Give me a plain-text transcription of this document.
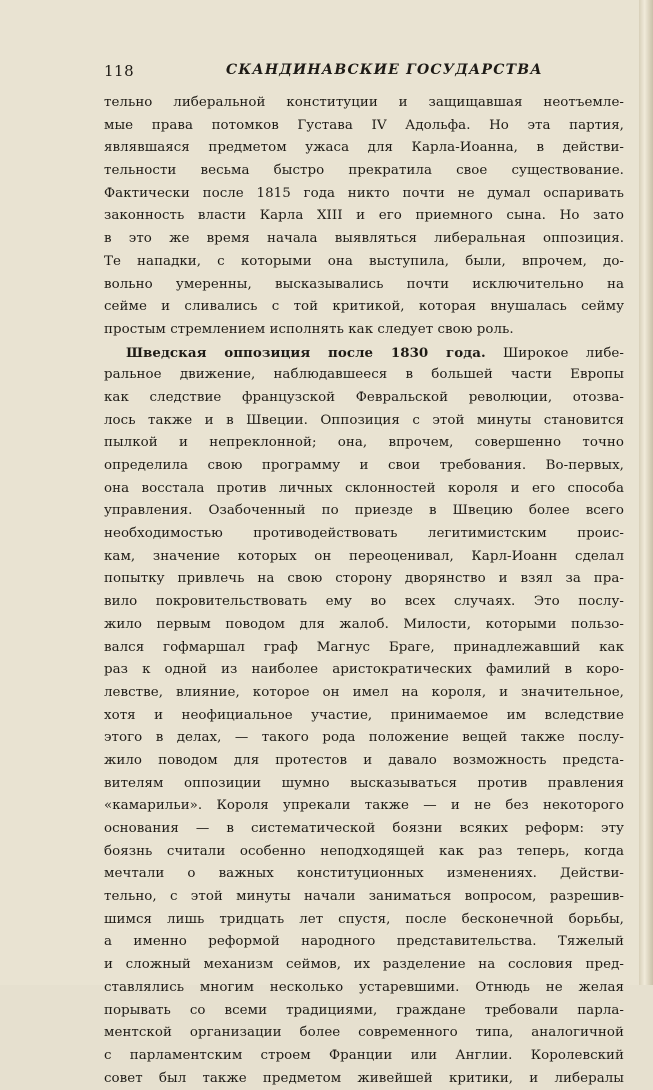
118	СКАНДИНАВСКИЕ ГОСУДАРСТВА
тельно либеральной конституции и защищавшая неотъемле-
мые права потомков Густава IV Адольфа. Но эта партия,
являвшаяся предметом ужаса для Карла-Иоанна, в действи-
тельности весьма быстро прекратила свое существование.
Фактически после 1815 года никто почти не думал оспаривать
законность власти Карла XIII и его приемного сына. Но зато
в это же время начала выявляться либеральная оппозиция.
Те нападки, с которыми она выступила, были, впрочем, до-
вольно умеренны, высказывались почти исключительно на
сейме и сливались с той критикой, которая внушалась сейму
простым стремлением исполнять как следует свою роль.
Шведская оппозиция после 1830 года. Широкое либе-
ральное движение, наблюдавшееся в большей части Европы
как следствие французской Февральской революции, отозва-
лось также и в Швеции. Оппозиция с этой минуты становится
пылкой и непреклонной; она, впрочем, совершенно точно
определила свою программу и свои требования. Во-первых,
она восстала против личных склонностей короля и его способа
управления. Озабоченный по приезде в Швецию более всего
необходимостью противодействовать легитимистским проис-
кам, значение которых он переоценивал, Карл-Иоанн сделал
попытку привлечь на свою сторону дворянство и взял за пра-
вило покровительствовать ему во всех случаях. Это послу-
жило первым поводом для жалоб. Милости, которыми пользо-
вался гофмаршал граф Магнус Браге, принадлежавший как
раз к одной из наиболее аристократических фамилий в коро-
левстве, влияние, которое он имел на короля, и значительное,
хотя и неофициальное участие, принимаемое им вследствие
этого в делах, — такого рода положение вещей также послу-
жило поводом для протестов и давало возможность предста-
вителям оппозиции шумно высказываться против правления
«камарильи». Короля упрекали также — и не без некоторого
основания — в систематической боязни всяких реформ: эту
боязнь считали особенно неподходящей как раз теперь, когда
мечтали о важных конституционных изменениях. Действи-
тельно, с этой минуты начали заниматься вопросом, разрешив-
шимся лишь тридцать лет спустя, после бесконечной борьбы,
а именно реформой народного представительства. Тяжелый
и сложный механизм сеймов, их разделение на сословия пред-
ставлялись многим несколько устаревшими. Отнюдь не желая
порывать со всеми традициями, граждане требовали парла-
ментской организации более современного типа, аналогичной
с парламентским строем Франции или Англии. Королевский
совет был также предметом живейшей критики, и либералы
